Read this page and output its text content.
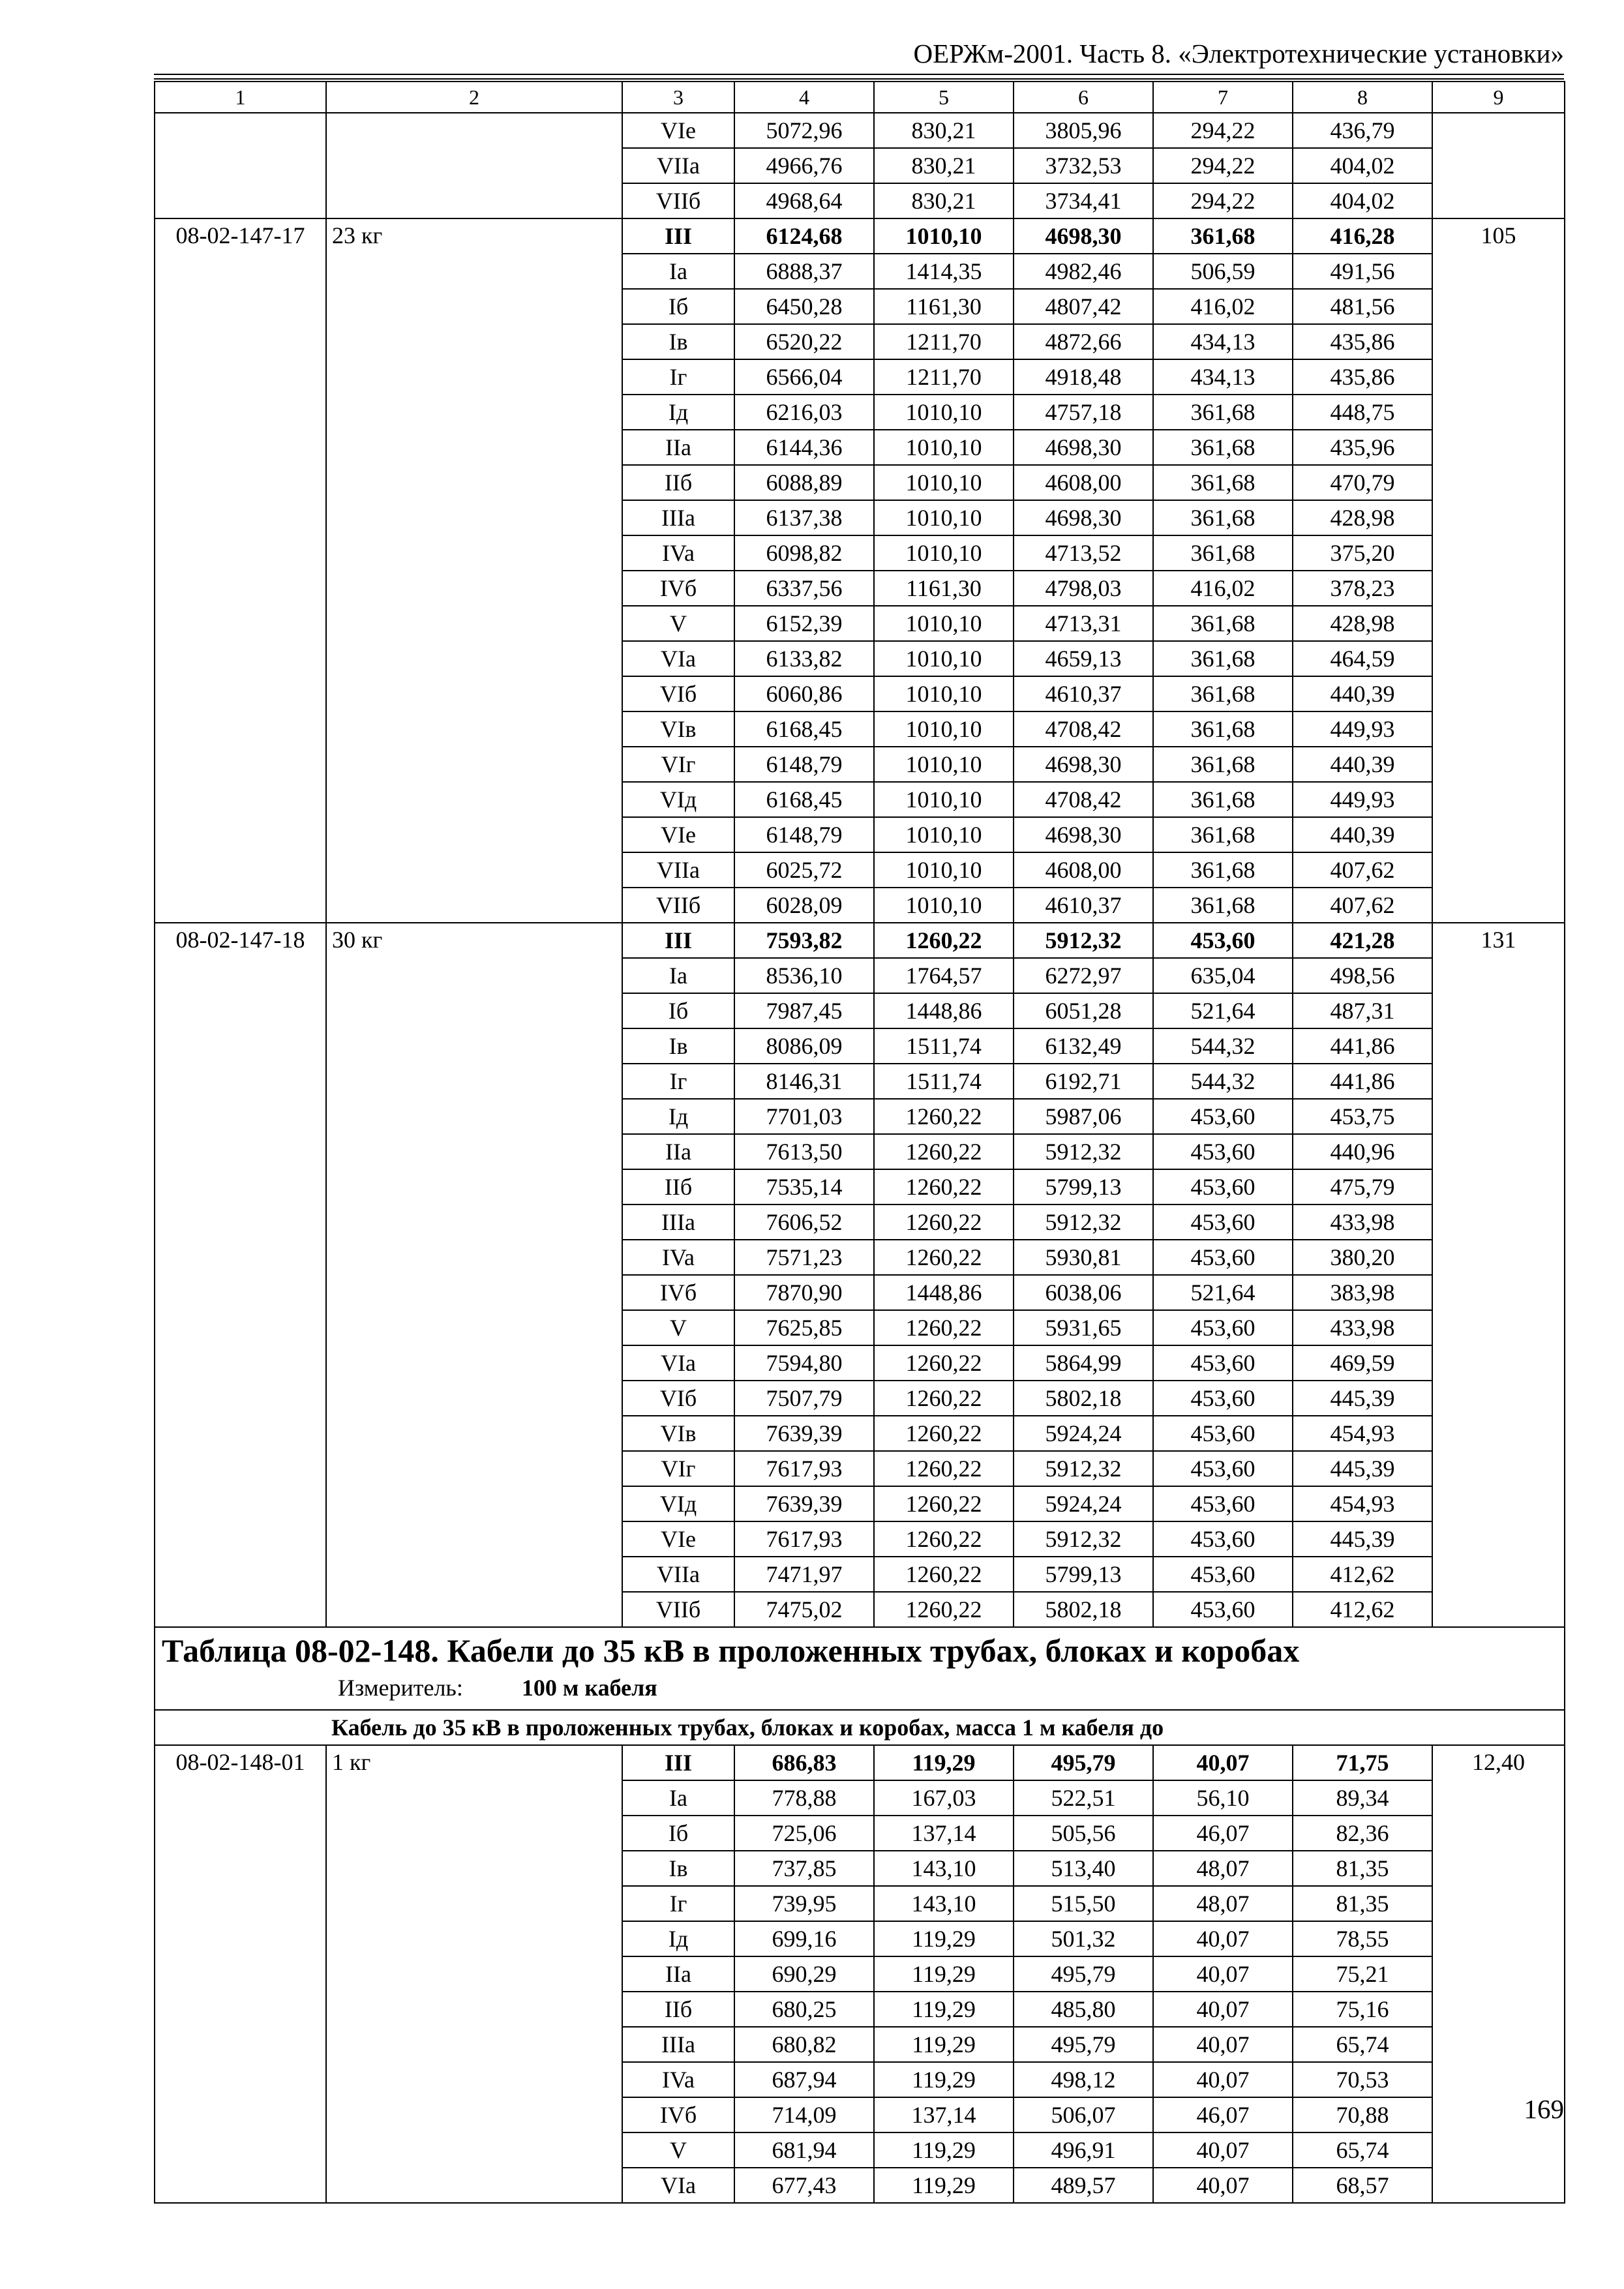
ОЕРЖм-2001. Часть 8. «Электротехнические установки»
1	2	3	4	5	6	7	8	9
		VIe	5072,96	830,21	3805,96	294,22	436,79	
		VIIa	4966,76	830,21	3732,53	294,22	404,02	
		VIIб	4968,64	830,21	3734,41	294,22	404,02	
08-02-147-17	23 кг	III	6124,68	1010,10	4698,30	361,68	416,28	105
		Ia	6888,37	1414,35	4982,46	506,59	491,56	
		Iб	6450,28	1161,30	4807,42	416,02	481,56	
		Iв	6520,22	1211,70	4872,66	434,13	435,86	
		Iг	6566,04	1211,70	4918,48	434,13	435,86	
		Iд	6216,03	1010,10	4757,18	361,68	448,75	
		IIa	6144,36	1010,10	4698,30	361,68	435,96	
		IIб	6088,89	1010,10	4608,00	361,68	470,79	
		IIIa	6137,38	1010,10	4698,30	361,68	428,98	
		IVa	6098,82	1010,10	4713,52	361,68	375,20	
		IVб	6337,56	1161,30	4798,03	416,02	378,23	
		V	6152,39	1010,10	4713,31	361,68	428,98	
		VIa	6133,82	1010,10	4659,13	361,68	464,59	
		VIб	6060,86	1010,10	4610,37	361,68	440,39	
		VIв	6168,45	1010,10	4708,42	361,68	449,93	
		VIг	6148,79	1010,10	4698,30	361,68	440,39	
		VIд	6168,45	1010,10	4708,42	361,68	449,93	
		VIe	6148,79	1010,10	4698,30	361,68	440,39	
		VIIa	6025,72	1010,10	4608,00	361,68	407,62	
		VIIб	6028,09	1010,10	4610,37	361,68	407,62	
08-02-147-18	30 кг	III	7593,82	1260,22	5912,32	453,60	421,28	131
		Ia	8536,10	1764,57	6272,97	635,04	498,56	
		Iб	7987,45	1448,86	6051,28	521,64	487,31	
		Iв	8086,09	1511,74	6132,49	544,32	441,86	
		Iг	8146,31	1511,74	6192,71	544,32	441,86	
		Iд	7701,03	1260,22	5987,06	453,60	453,75	
		IIa	7613,50	1260,22	5912,32	453,60	440,96	
		IIб	7535,14	1260,22	5799,13	453,60	475,79	
		IIIa	7606,52	1260,22	5912,32	453,60	433,98	
		IVa	7571,23	1260,22	5930,81	453,60	380,20	
		IVб	7870,90	1448,86	6038,06	521,64	383,98	
		V	7625,85	1260,22	5931,65	453,60	433,98	
		VIa	7594,80	1260,22	5864,99	453,60	469,59	
		VIб	7507,79	1260,22	5802,18	453,60	445,39	
		VIв	7639,39	1260,22	5924,24	453,60	454,93	
		VIг	7617,93	1260,22	5912,32	453,60	445,39	
		VIд	7639,39	1260,22	5924,24	453,60	454,93	
		VIe	7617,93	1260,22	5912,32	453,60	445,39	
		VIIa	7471,97	1260,22	5799,13	453,60	412,62	
		VIIб	7475,02	1260,22	5802,18	453,60	412,62	

Таблица 08-02-148. Кабели до 35 кВ в проложенных трубах, блоках и коробах
Измеритель: 100 м кабеля								

Кабель до 35 кВ в проложенных трубах, блоках и коробах, масса 1 м кабеля до								
08-02-148-01	1 кг	III	686,83	119,29	495,79	40,07	71,75	12,40
		Ia	778,88	167,03	522,51	56,10	89,34	
		Iб	725,06	137,14	505,56	46,07	82,36	
		Iв	737,85	143,10	513,40	48,07	81,35	
		Iг	739,95	143,10	515,50	48,07	81,35	
		Iд	699,16	119,29	501,32	40,07	78,55	
		IIa	690,29	119,29	495,79	40,07	75,21	
		IIб	680,25	119,29	485,80	40,07	75,16	
		IIIa	680,82	119,29	495,79	40,07	65,74	
		IVa	687,94	119,29	498,12	40,07	70,53	
		IVб	714,09	137,14	506,07	46,07	70,88	
		V	681,94	119,29	496,91	40,07	65,74	
		VIa	677,43	119,29	489,57	40,07	68,57	
169
